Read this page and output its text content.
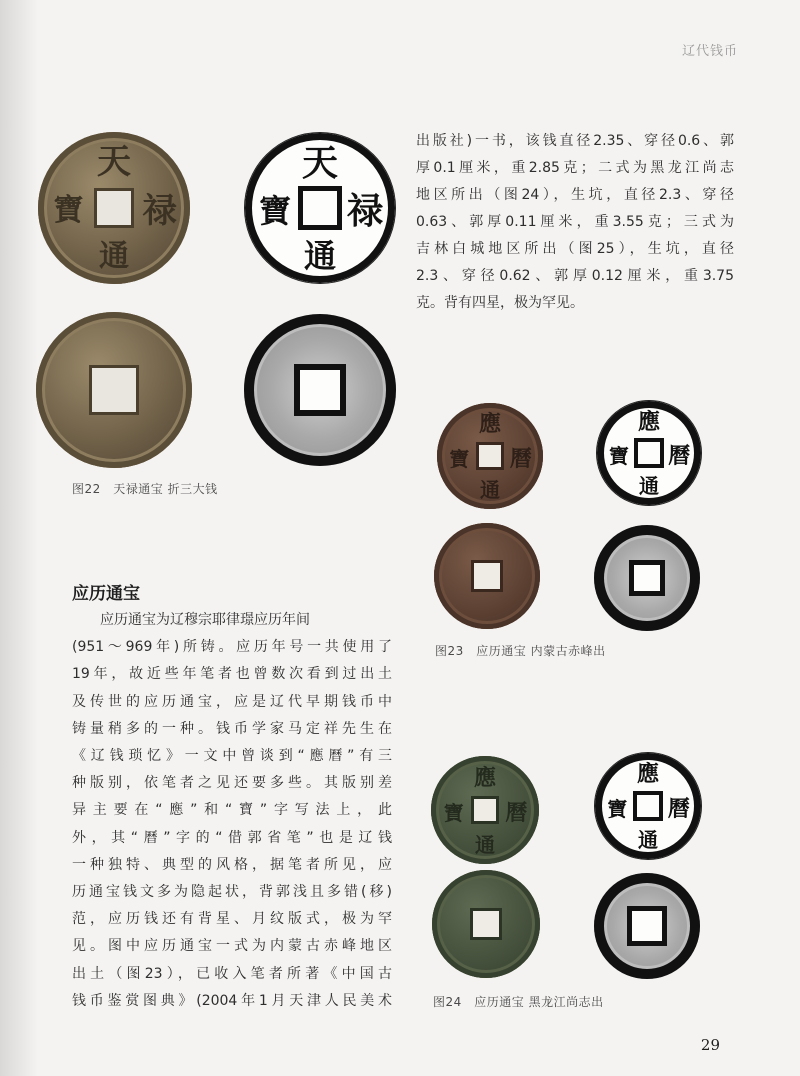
辽代钱币
出版社)一书，该钱直径2.35、穿径0.6、郭
厚0.1厘米，重2.85克；二式为黑龙江尚志
地区所出（图24），生坑，直径2.3、穿径
0.63、郭厚0.11厘米，重3.55克；三式为
吉林白城地区所出（图25），生坑，直径
2.3、穿径0.62、郭厚0.12厘米，重3.75
克。背有四星，极为罕见。
天
禄
通
寶
天
禄
通
寶
图22　天禄通宝 折三大钱
應
曆
通
寶
應
曆
通
寶
图23　应历通宝 内蒙古赤峰出
應
曆
通
寶
應
曆
通
寶
图24　应历通宝 黑龙江尚志出
应历通宝
应历通宝为辽穆宗耶律璟应历年间
(951～969年)所铸。应历年号一共使用了
19年，故近些年笔者也曾数次看到过出土
及传世的应历通宝，应是辽代早期钱币中
铸量稍多的一种。钱币学家马定祥先生在
《辽钱琐忆》一文中曾谈到“應曆”有三
种版别，依笔者之见还要多些。其版别差
异主要在“應”和“寶”字写法上，此
外，其“曆”字的“借郭省笔”也是辽钱
一种独特、典型的风格，据笔者所见，应
历通宝钱文多为隐起状，背郭浅且多错(移)
范，应历钱还有背星、月纹版式，极为罕
见。图中应历通宝一式为内蒙古赤峰地区
出土（图23），已收入笔者所著《中国古
钱币鉴赏图典》(2004年1月天津人民美术
29
